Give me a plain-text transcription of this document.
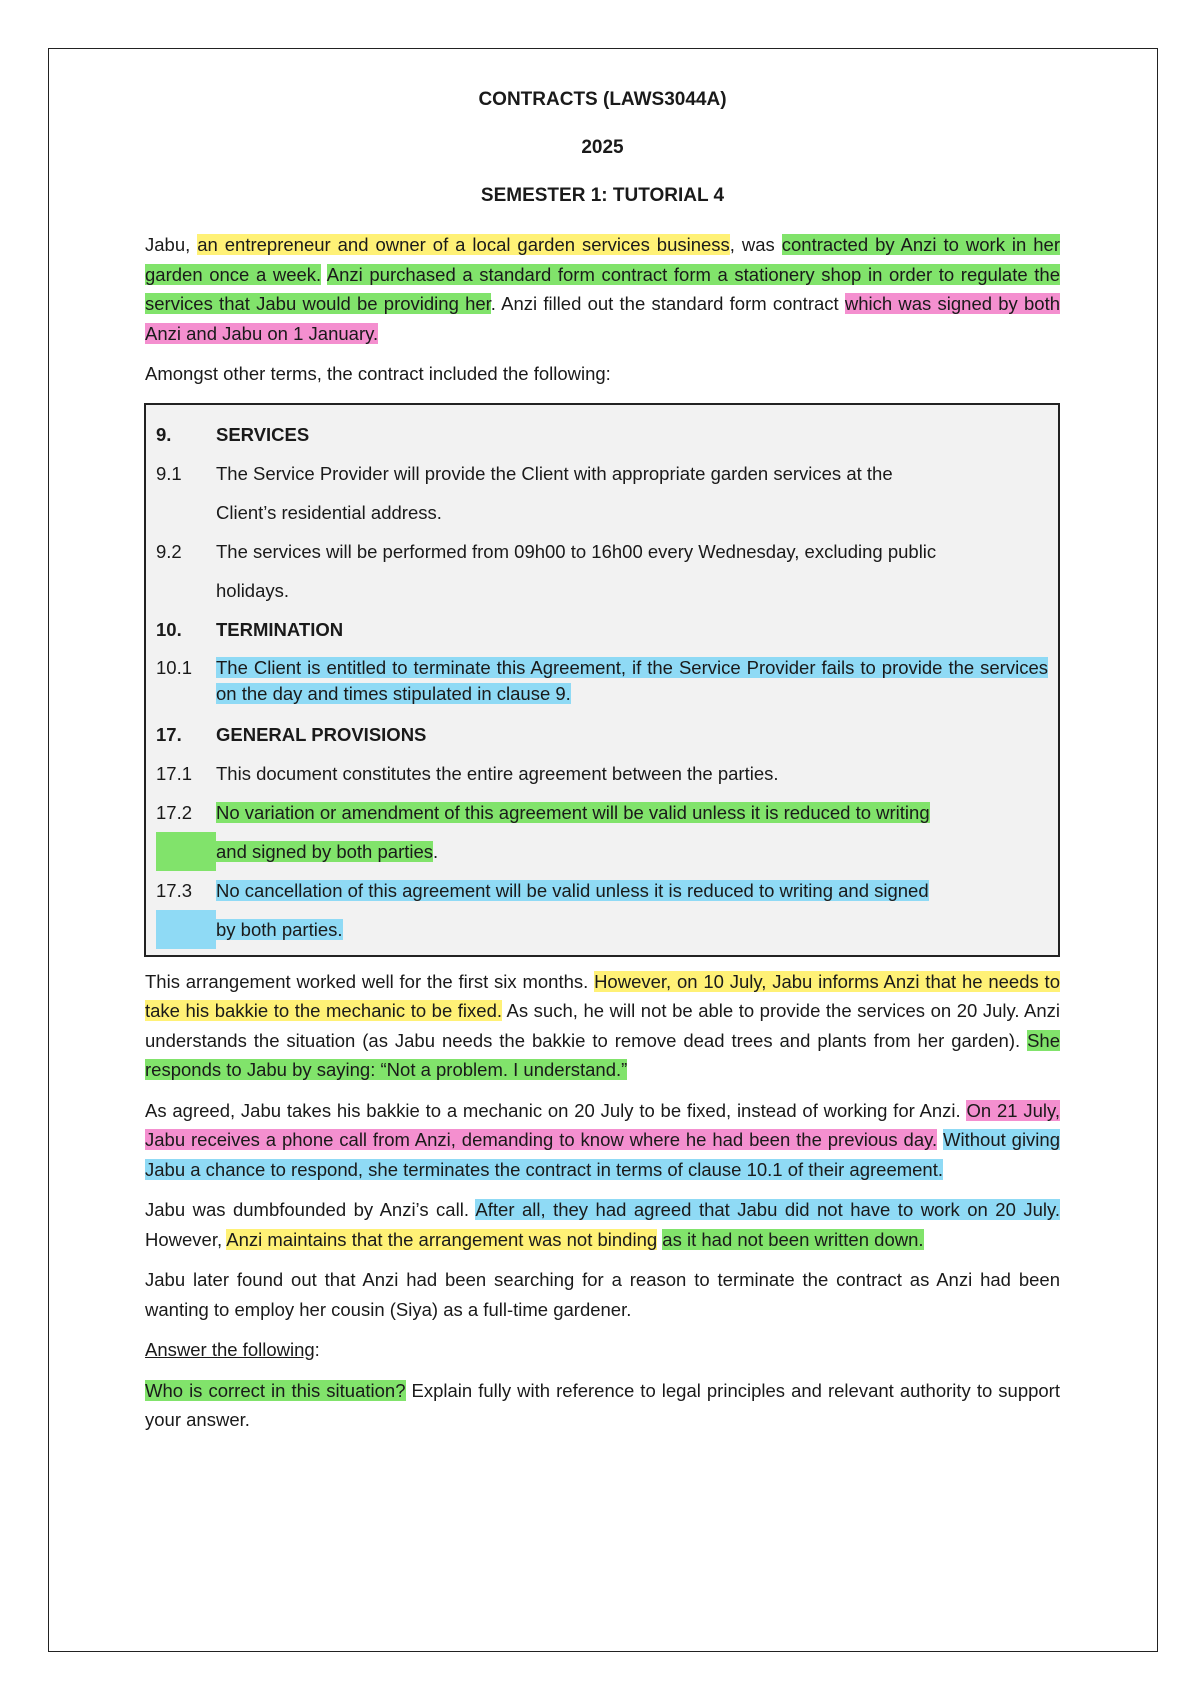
CONTRACTS (LAWS3044A)
2025
SEMESTER 1: TUTORIAL 4

Jabu, an entrepreneur and owner of a local garden services business, was contracted by Anzi to work in her garden once a week. Anzi purchased a standard form contract form a stationery shop in order to regulate the services that Jabu would be providing her. Anzi filled out the standard form contract which was signed by both Anzi and Jabu on 1 January.

Amongst other terms, the contract included the following:

9.	SERVICES
9.1	The Service Provider will provide the Client with appropriate garden services at the
Client’s residential address.
9.2	The services will be performed from 09h00 to 16h00 every Wednesday, excluding public
holidays.
10.	TERMINATION
10.1	The Client is entitled to terminate this Agreement, if the Service Provider fails to provide the services on the day and times stipulated in clause 9.
17.	GENERAL PROVISIONS
17.1	This document constitutes the entire agreement between the parties.
17.2	No variation or amendment of this agreement will be valid unless it is reduced to writing
and signed by both parties.
17.3	No cancellation of this agreement will be valid unless it is reduced to writing and signed
by both parties.

This arrangement worked well for the first six months. However, on 10 July, Jabu informs Anzi that he needs to take his bakkie to the mechanic to be fixed. As such, he will not be able to provide the services on 20 July. Anzi understands the situation (as Jabu needs the bakkie to remove dead trees and plants from her garden). She responds to Jabu by saying: “Not a problem. I understand.”

As agreed, Jabu takes his bakkie to a mechanic on 20 July to be fixed, instead of working for Anzi. On 21 July, Jabu receives a phone call from Anzi, demanding to know where he had been the previous day. Without giving Jabu a chance to respond, she terminates the contract in terms of clause 10.1 of their agreement.

Jabu was dumbfounded by Anzi’s call. After all, they had agreed that Jabu did not have to work on 20 July. However, Anzi maintains that the arrangement was not binding as it had not been written down.

Jabu later found out that Anzi had been searching for a reason to terminate the contract as Anzi had been wanting to employ her cousin (Siya) as a full-time gardener.

Answer the following:

Who is correct in this situation? Explain fully with reference to legal principles and relevant authority to support your answer.
